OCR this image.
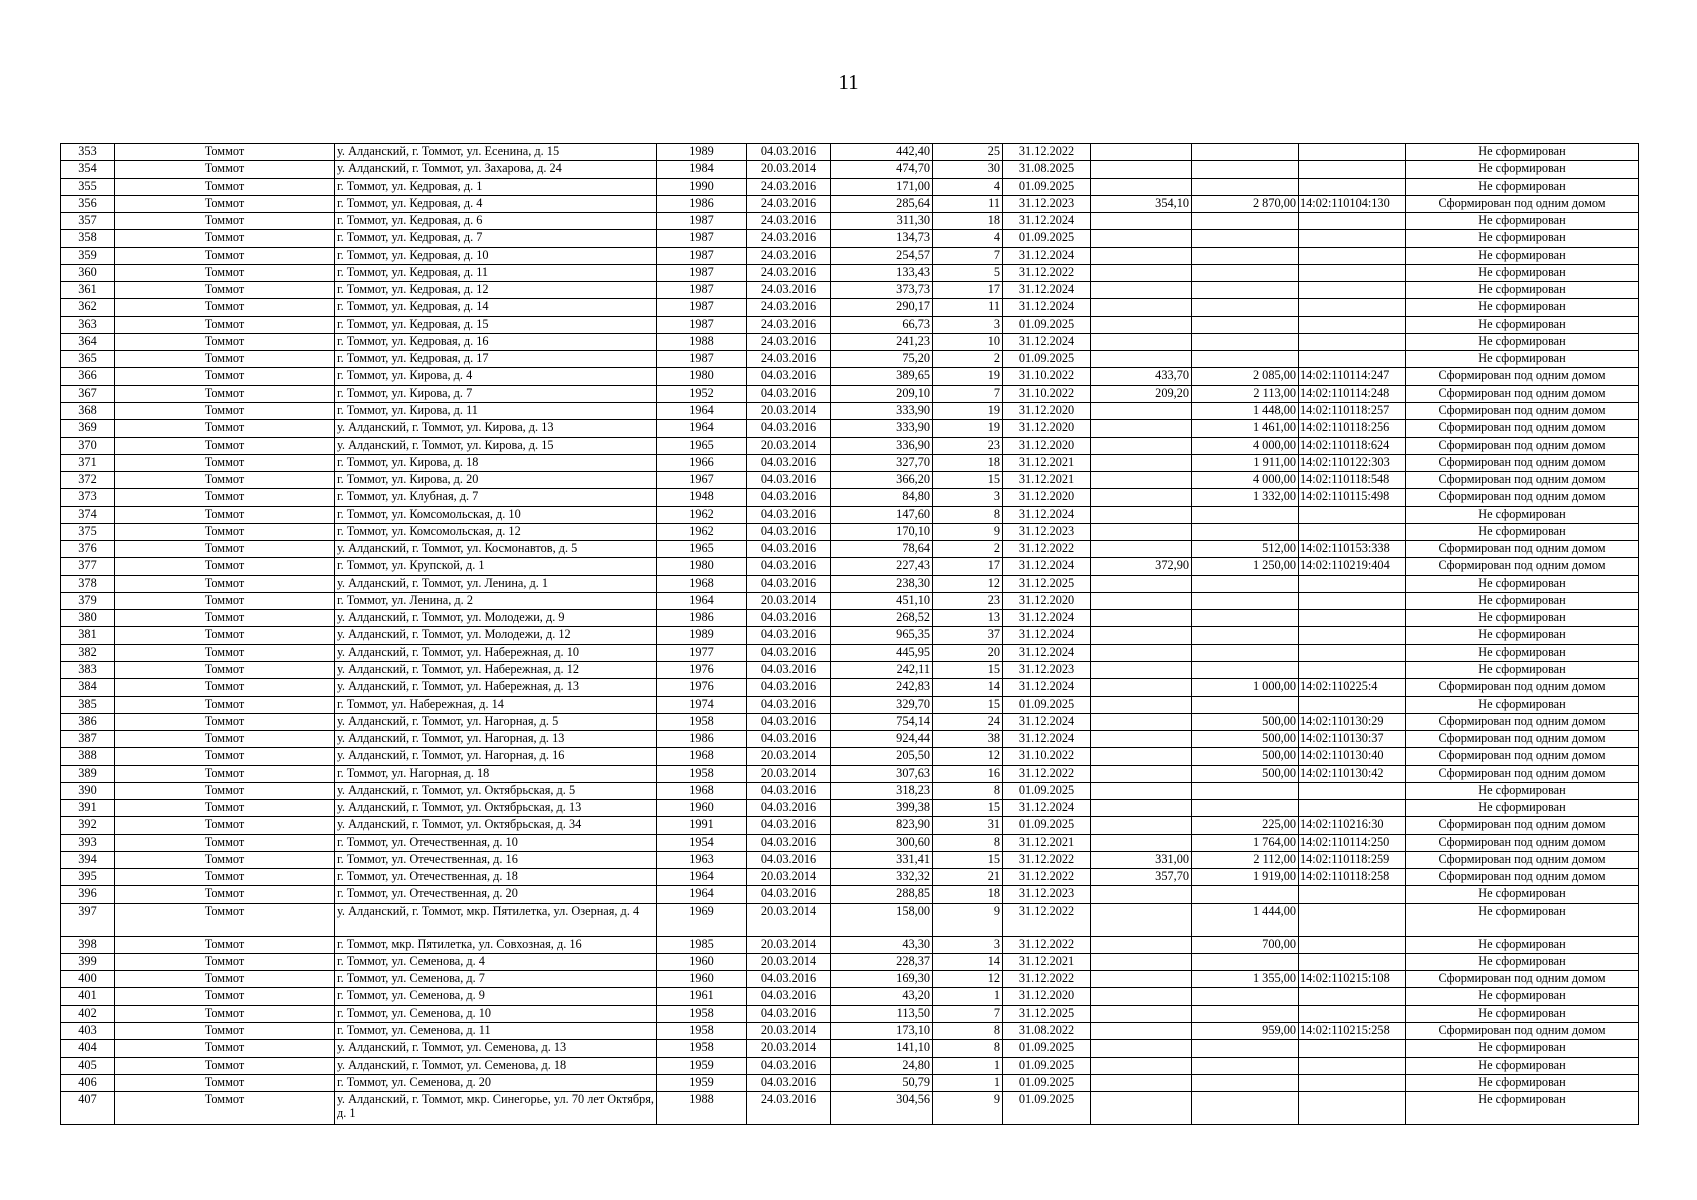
11
353	Томмот	у. Алданский, г. Томмот, ул. Есенина, д. 15	1989	04.03.2016	442,40	25	31.12.2022				Не сформирован
354	Томмот	у. Алданский, г. Томмот, ул. Захарова, д. 24	1984	20.03.2014	474,70	30	31.08.2025				Не сформирован
355	Томмот	г. Томмот, ул. Кедровая, д. 1	1990	24.03.2016	171,00	4	01.09.2025				Не сформирован
356	Томмот	г. Томмот, ул. Кедровая, д. 4	1986	24.03.2016	285,64	11	31.12.2023	354,10	2 870,00	14:02:110104:130	Сформирован под одним домом
357	Томмот	г. Томмот, ул. Кедровая, д. 6	1987	24.03.2016	311,30	18	31.12.2024				Не сформирован
358	Томмот	г. Томмот, ул. Кедровая, д. 7	1987	24.03.2016	134,73	4	01.09.2025				Не сформирован
359	Томмот	г. Томмот, ул. Кедровая, д. 10	1987	24.03.2016	254,57	7	31.12.2024				Не сформирован
360	Томмот	г. Томмот, ул. Кедровая, д. 11	1987	24.03.2016	133,43	5	31.12.2022				Не сформирован
361	Томмот	г. Томмот, ул. Кедровая, д. 12	1987	24.03.2016	373,73	17	31.12.2024				Не сформирован
362	Томмот	г. Томмот, ул. Кедровая, д. 14	1987	24.03.2016	290,17	11	31.12.2024				Не сформирован
363	Томмот	г. Томмот, ул. Кедровая, д. 15	1987	24.03.2016	66,73	3	01.09.2025				Не сформирован
364	Томмот	г. Томмот, ул. Кедровая, д. 16	1988	24.03.2016	241,23	10	31.12.2024				Не сформирован
365	Томмот	г. Томмот, ул. Кедровая, д. 17	1987	24.03.2016	75,20	2	01.09.2025				Не сформирован
366	Томмот	г. Томмот, ул. Кирова, д. 4	1980	04.03.2016	389,65	19	31.10.2022	433,70	2 085,00	14:02:110114:247	Сформирован под одним домом
367	Томмот	г. Томмот, ул. Кирова, д. 7	1952	04.03.2016	209,10	7	31.10.2022	209,20	2 113,00	14:02:110114:248	Сформирован под одним домом
368	Томмот	г. Томмот, ул. Кирова, д. 11	1964	20.03.2014	333,90	19	31.12.2020		1 448,00	14:02:110118:257	Сформирован под одним домом
369	Томмот	у. Алданский, г. Томмот, ул. Кирова, д. 13	1964	04.03.2016	333,90	19	31.12.2020		1 461,00	14:02:110118:256	Сформирован под одним домом
370	Томмот	у. Алданский, г. Томмот, ул. Кирова, д. 15	1965	20.03.2014	336,90	23	31.12.2020		4 000,00	14:02:110118:624	Сформирован под одним домом
371	Томмот	г. Томмот, ул. Кирова, д. 18	1966	04.03.2016	327,70	18	31.12.2021		1 911,00	14:02:110122:303	Сформирован под одним домом
372	Томмот	г. Томмот, ул. Кирова, д. 20	1967	04.03.2016	366,20	15	31.12.2021		4 000,00	14:02:110118:548	Сформирован под одним домом
373	Томмот	г. Томмот, ул. Клубная, д. 7	1948	04.03.2016	84,80	3	31.12.2020		1 332,00	14:02:110115:498	Сформирован под одним домом
374	Томмот	г. Томмот, ул. Комсомольская, д. 10	1962	04.03.2016	147,60	8	31.12.2024				Не сформирован
375	Томмот	г. Томмот, ул. Комсомольская, д. 12	1962	04.03.2016	170,10	9	31.12.2023				Не сформирован
376	Томмот	у. Алданский, г. Томмот, ул. Космонавтов, д. 5	1965	04.03.2016	78,64	2	31.12.2022		512,00	14:02:110153:338	Сформирован под одним домом
377	Томмот	г. Томмот, ул. Крупской, д. 1	1980	04.03.2016	227,43	17	31.12.2024	372,90	1 250,00	14:02:110219:404	Сформирован под одним домом
378	Томмот	у. Алданский, г. Томмот, ул. Ленина, д. 1	1968	04.03.2016	238,30	12	31.12.2025				Не сформирован
379	Томмот	г. Томмот, ул. Ленина, д. 2	1964	20.03.2014	451,10	23	31.12.2020				Не сформирован
380	Томмот	у. Алданский, г. Томмот, ул. Молодежи, д. 9	1986	04.03.2016	268,52	13	31.12.2024				Не сформирован
381	Томмот	у. Алданский, г. Томмот, ул. Молодежи, д. 12	1989	04.03.2016	965,35	37	31.12.2024				Не сформирован
382	Томмот	у. Алданский, г. Томмот, ул. Набережная, д. 10	1977	04.03.2016	445,95	20	31.12.2024				Не сформирован
383	Томмот	у. Алданский, г. Томмот, ул. Набережная, д. 12	1976	04.03.2016	242,11	15	31.12.2023				Не сформирован
384	Томмот	у. Алданский, г. Томмот, ул. Набережная, д. 13	1976	04.03.2016	242,83	14	31.12.2024		1 000,00	14:02:110225:4	Сформирован под одним домом
385	Томмот	г. Томмот, ул. Набережная, д. 14	1974	04.03.2016	329,70	15	01.09.2025				Не сформирован
386	Томмот	у. Алданский, г. Томмот, ул. Нагорная, д. 5	1958	04.03.2016	754,14	24	31.12.2024		500,00	14:02:110130:29	Сформирован под одним домом
387	Томмот	у. Алданский, г. Томмот, ул. Нагорная, д. 13	1986	04.03.2016	924,44	38	31.12.2024		500,00	14:02:110130:37	Сформирован под одним домом
388	Томмот	у. Алданский, г. Томмот, ул. Нагорная, д. 16	1968	20.03.2014	205,50	12	31.10.2022		500,00	14:02:110130:40	Сформирован под одним домом
389	Томмот	г. Томмот, ул. Нагорная, д. 18	1958	20.03.2014	307,63	16	31.12.2022		500,00	14:02:110130:42	Сформирован под одним домом
390	Томмот	у. Алданский, г. Томмот, ул. Октябрьская, д. 5	1968	04.03.2016	318,23	8	01.09.2025				Не сформирован
391	Томмот	у. Алданский, г. Томмот, ул. Октябрьская, д. 13	1960	04.03.2016	399,38	15	31.12.2024				Не сформирован
392	Томмот	у. Алданский, г. Томмот, ул. Октябрьская, д. 34	1991	04.03.2016	823,90	31	01.09.2025		225,00	14:02:110216:30	Сформирован под одним домом
393	Томмот	г. Томмот, ул. Отечественная, д. 10	1954	04.03.2016	300,60	8	31.12.2021		1 764,00	14:02:110114:250	Сформирован под одним домом
394	Томмот	г. Томмот, ул. Отечественная, д. 16	1963	04.03.2016	331,41	15	31.12.2022	331,00	2 112,00	14:02:110118:259	Сформирован под одним домом
395	Томмот	г. Томмот, ул. Отечественная, д. 18	1964	20.03.2014	332,32	21	31.12.2022	357,70	1 919,00	14:02:110118:258	Сформирован под одним домом
396	Томмот	г. Томмот, ул. Отечественная, д. 20	1964	04.03.2016	288,85	18	31.12.2023				Не сформирован
397	Томмот	у. Алданский, г. Томмот, мкр. Пятилетка, ул. Озерная, д. 4	1969	20.03.2014	158,00	9	31.12.2022		1 444,00		Не сформирован
398	Томмот	г. Томмот, мкр. Пятилетка, ул. Совхозная, д. 16	1985	20.03.2014	43,30	3	31.12.2022		700,00		Не сформирован
399	Томмот	г. Томмот, ул. Семенова, д. 4	1960	20.03.2014	228,37	14	31.12.2021				Не сформирован
400	Томмот	г. Томмот, ул. Семенова, д. 7	1960	04.03.2016	169,30	12	31.12.2022		1 355,00	14:02:110215:108	Сформирован под одним домом
401	Томмот	г. Томмот, ул. Семенова, д. 9	1961	04.03.2016	43,20	1	31.12.2020				Не сформирован
402	Томмот	г. Томмот, ул. Семенова, д. 10	1958	04.03.2016	113,50	7	31.12.2025				Не сформирован
403	Томмот	г. Томмот, ул. Семенова, д. 11	1958	20.03.2014	173,10	8	31.08.2022		959,00	14:02:110215:258	Сформирован под одним домом
404	Томмот	у. Алданский, г. Томмот, ул. Семенова, д. 13	1958	20.03.2014	141,10	8	01.09.2025				Не сформирован
405	Томмот	у. Алданский, г. Томмот, ул. Семенова, д. 18	1959	04.03.2016	24,80	1	01.09.2025				Не сформирован
406	Томмот	г. Томмот, ул. Семенова, д. 20	1959	04.03.2016	50,79	1	01.09.2025				Не сформирован
407	Томмот	у. Алданский, г. Томмот, мкр. Синегорье, ул. 70 лет Октября, д. 1	1988	24.03.2016	304,56	9	01.09.2025				Не сформирован
